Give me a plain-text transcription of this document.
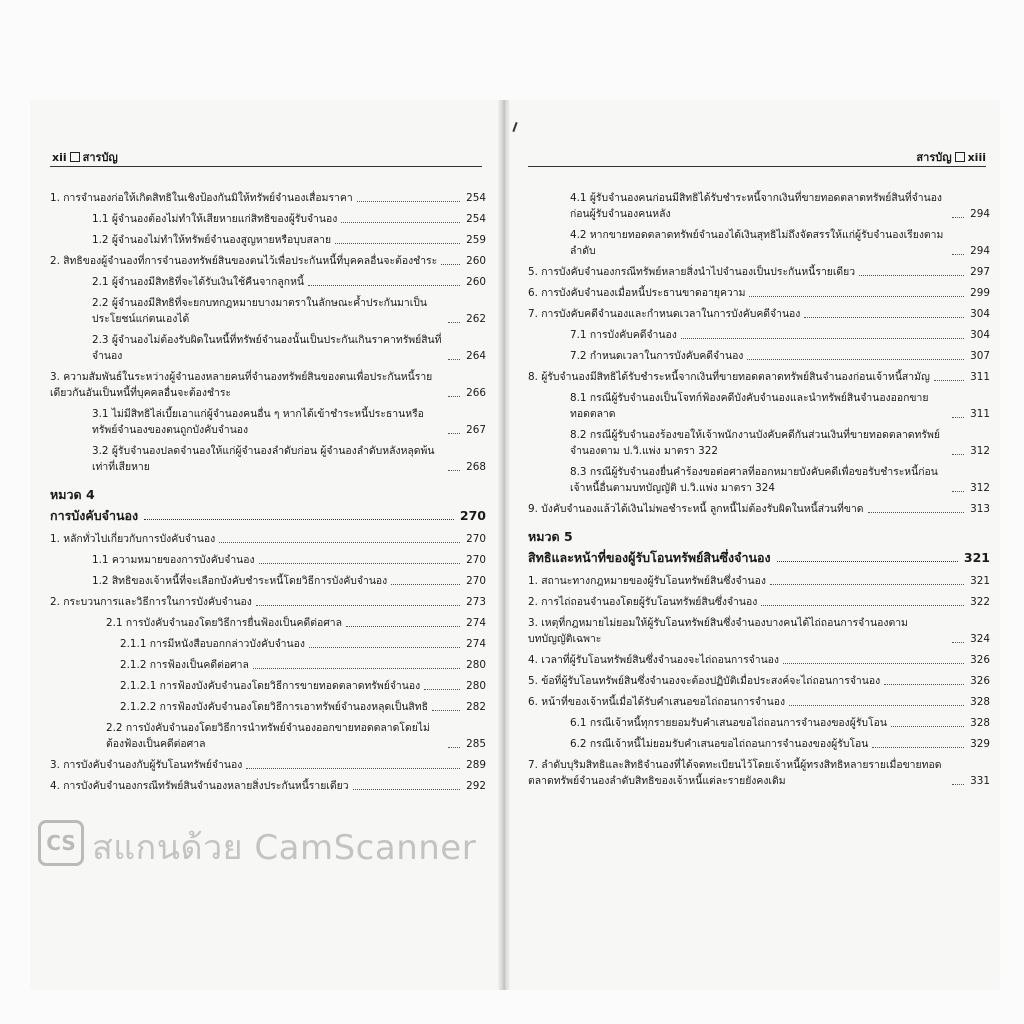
xii สารบัญ	สารบัญ xiii
1. การจำนองก่อให้เกิดสิทธิในเชิงป้องกันมิให้ทรัพย์จำนองเสื่อมราคา	254
1.1 ผู้จำนองต้องไม่ทำให้เสียหายแก่สิทธิของผู้รับจำนอง	254
1.2 ผู้จำนองไม่ทำให้ทรัพย์จำนองสูญหายหรือบุบสลาย	259
2. สิทธิของผู้จำนองที่การจำนองทรัพย์สินของตนไว้เพื่อประกันหนี้ที่บุคคลอื่นจะต้องชำระ	260
2.1 ผู้จำนองมีสิทธิที่จะได้รับเงินใช้คืนจากลูกหนี้	260
2.2 ผู้จำนองมีสิทธิที่จะยกบทกฎหมายบางมาตราในลักษณะค้ำประกันมาเป็นประโยชน์แก่ตนเองได้	262
2.3 ผู้จำนองไม่ต้องรับผิดในหนี้ที่ทรัพย์จำนองนั้นเป็นประกันเกินราคาทรัพย์สินที่จำนอง	264
3. ความสัมพันธ์ในระหว่างผู้จำนองหลายคนที่จำนองทรัพย์สินของตนเพื่อประกันหนี้รายเดียวกันอันเป็นหนี้ที่บุคคลอื่นจะต้องชำระ	266
3.1 ไม่มีสิทธิไล่เบี้ยเอาแก่ผู้จำนองคนอื่น ๆ หากได้เข้าชำระหนี้ประธานหรือทรัพย์จำนองของตนถูกบังคับจำนอง	267
3.2 ผู้รับจำนองปลดจำนองให้แก่ผู้จำนองลำดับก่อน ผู้จำนองลำดับหลังหลุดพ้นเท่าที่เสียหาย	268
หมวด 4
การบังคับจำนอง	270
1. หลักทั่วไปเกี่ยวกับการบังคับจำนอง	270
1.1 ความหมายของการบังคับจำนอง	270
1.2 สิทธิของเจ้าหนี้ที่จะเลือกบังคับชำระหนี้โดยวิธีการบังคับจำนอง	270
2. กระบวนการและวิธีการในการบังคับจำนอง	273
2.1 การบังคับจำนองโดยวิธีการยื่นฟ้องเป็นคดีต่อศาล	274
2.1.1 การมีหนังสือบอกกล่าวบังคับจำนอง	274
2.1.2 การฟ้องเป็นคดีต่อศาล	280
2.1.2.1 การฟ้องบังคับจำนองโดยวิธีการขายทอดตลาดทรัพย์จำนอง	280
2.1.2.2 การฟ้องบังคับจำนองโดยวิธีการเอาทรัพย์จำนองหลุดเป็นสิทธิ	282
2.2 การบังคับจำนองโดยวิธีการนำทรัพย์จำนองออกขายทอดตลาดโดยไม่ต้องฟ้องเป็นคดีต่อศาล	285
3. การบังคับจำนองกับผู้รับโอนทรัพย์จำนอง	289
4. การบังคับจำนองกรณีทรัพย์สินจำนองหลายสิ่งประกันหนี้รายเดียว	292
4.1 ผู้รับจำนองคนก่อนมีสิทธิได้รับชำระหนี้จากเงินที่ขายทอดตลาดทรัพย์สินที่จำนองก่อนผู้รับจำนองคนหลัง	294
4.2 หากขายทอดตลาดทรัพย์จำนองได้เงินสุทธิไม่ถึงจัดสรรให้แก่ผู้รับจำนองเรียงตามลำดับ	294
5. การบังคับจำนองกรณีทรัพย์หลายสิ่งนำไปจำนองเป็นประกันหนี้รายเดียว	297
6. การบังคับจำนองเมื่อหนี้ประธานขาดอายุความ	299
7. การบังคับคดีจำนองและกำหนดเวลาในการบังคับคดีจำนอง	304
7.1 การบังคับคดีจำนอง	304
7.2 กำหนดเวลาในการบังคับคดีจำนอง	307
8. ผู้รับจำนองมีสิทธิได้รับชำระหนี้จากเงินที่ขายทอดตลาดทรัพย์สินจำนองก่อนเจ้าหนี้สามัญ	311
8.1 กรณีผู้รับจำนองเป็นโจทก์ฟ้องคดีบังคับจำนองและนำทรัพย์สินจำนองออกขายทอดตลาด	311
8.2 กรณีผู้รับจำนองร้องขอให้เจ้าพนักงานบังคับคดีกันส่วนเงินที่ขายทอดตลาดทรัพย์จำนองตาม ป.วิ.แพ่ง มาตรา 322	312
8.3 กรณีผู้รับจำนองยื่นคำร้องขอต่อศาลที่ออกหมายบังคับคดีเพื่อขอรับชำระหนี้ก่อนเจ้าหนี้อื่นตามบทบัญญัติ ป.วิ.แพ่ง มาตรา 324	312
9. บังคับจำนองแล้วได้เงินไม่พอชำระหนี้ ลูกหนี้ไม่ต้องรับผิดในหนี้ส่วนที่ขาด	313
หมวด 5
สิทธิและหน้าที่ของผู้รับโอนทรัพย์สินซึ่งจำนอง	321
1. สถานะทางกฎหมายของผู้รับโอนทรัพย์สินซึ่งจำนอง	321
2. การไถ่ถอนจำนองโดยผู้รับโอนทรัพย์สินซึ่งจำนอง	322
3. เหตุที่กฎหมายไม่ยอมให้ผู้รับโอนทรัพย์สินซึ่งจำนองบางคนได้ไถ่ถอนการจำนองตามบทบัญญัติเฉพาะ	324
4. เวลาที่ผู้รับโอนทรัพย์สินซึ่งจำนองจะไถ่ถอนการจำนอง	326
5. ข้อที่ผู้รับโอนทรัพย์สินซึ่งจำนองจะต้องปฏิบัติเมื่อประสงค์จะไถ่ถอนการจำนอง	326
6. หน้าที่ของเจ้าหนี้เมื่อได้รับคำเสนอขอไถ่ถอนการจำนอง	328
6.1 กรณีเจ้าหนี้ทุกรายยอมรับคำเสนอขอไถ่ถอนการจำนองของผู้รับโอน	328
6.2 กรณีเจ้าหนี้ไม่ยอมรับคำเสนอขอไถ่ถอนการจำนองของผู้รับโอน	329
7. ลำดับบุริมสิทธิและสิทธิจำนองที่ได้จดทะเบียนไว้โดยเจ้าหนี้ผู้ทรงสิทธิหลายรายเมื่อขายทอดตลาดทรัพย์จำนองลำดับสิทธิของเจ้าหนี้แต่ละรายยังคงเดิม	331
CS สแกนด้วย CamScanner
